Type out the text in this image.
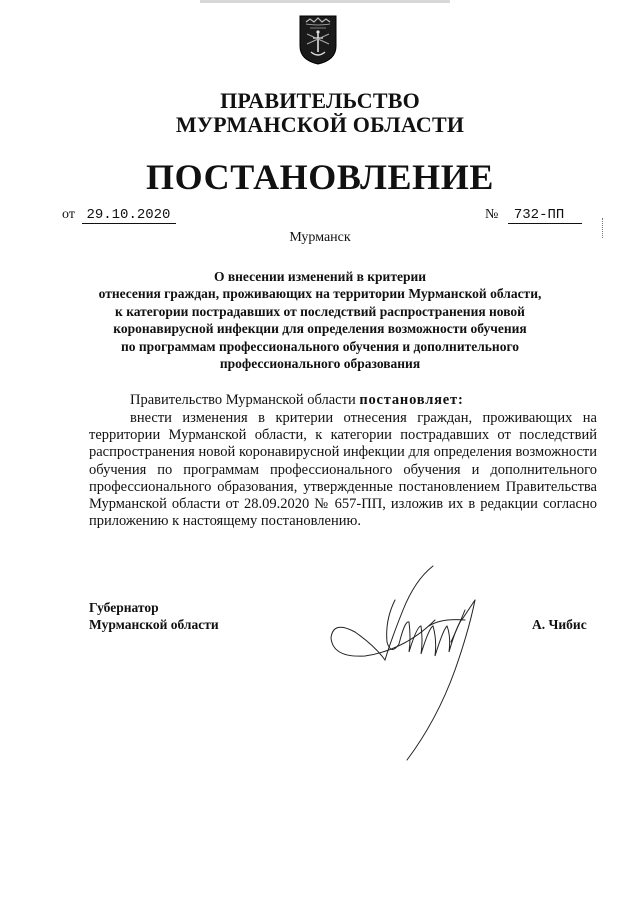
ПРАВИТЕЛЬСТВО
МУРМАНСКОЙ ОБЛАСТИ
ПОСТАНОВЛЕНИЕ
от 29.10.2020	№ 732-ПП
Мурманск
О внесении изменений в критерии
отнесения граждан, проживающих на территории Мурманской области,
к категории пострадавших от последствий распространения новой
коронавирусной инфекции для определения возможности обучения
по программам профессионального обучения и дополнительного
профессионального образования
Правительство Мурманской области постановляет:

внести изменения в критерии отнесения граждан, проживающих на территории Мурманской области, к категории пострадавших от последствий распространения новой коронавирусной инфекции для определения возможности обучения по программам профессионального обучения и дополнительного профессионального образования, утвержденные постановлением Правительства Мурманской области от 28.09.2020 № 657-ПП, изложив их в редакции согласно приложению к настоящему постановлению.

Губернатор
Мурманской области	А. Чибис
